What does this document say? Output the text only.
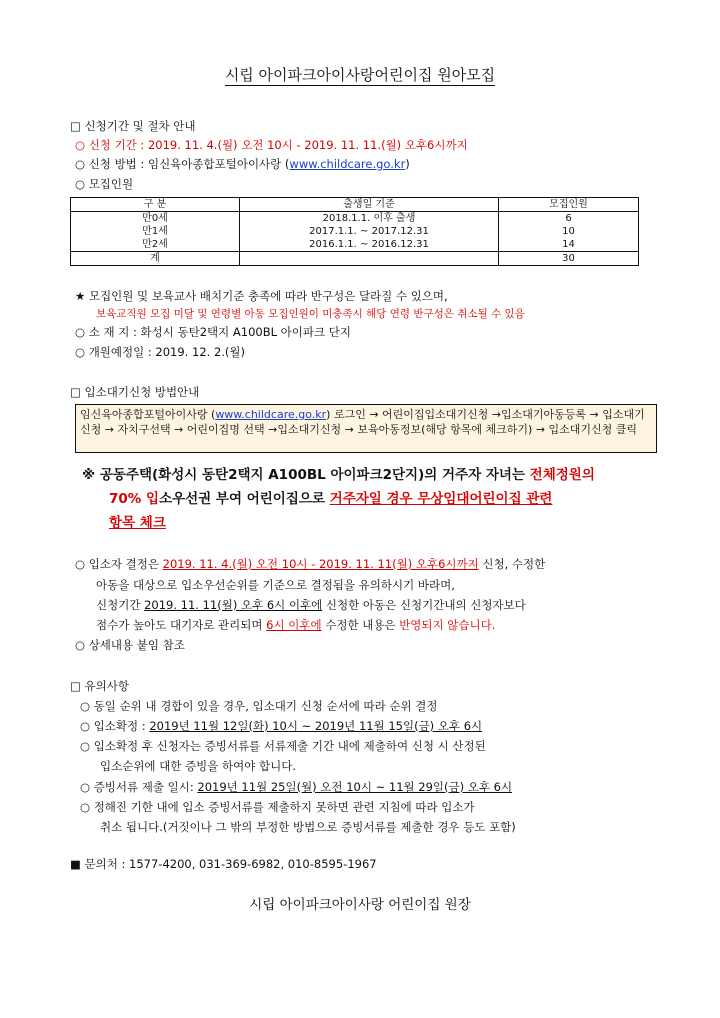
시립 아이파크아이사랑어린이집 원아모집
□ 신청기간 및 절차 안내
○ 신청 기간 : 2019. 11. 4.(월) 오전 10시 - 2019. 11. 11.(월) 오후6시까지
○ 신청 방법 : 임신육아종합포털아이사랑 (www.childcare.go.kr)
○ 모집인원
구 분	출생일 기준	모집인원
만0세	2018.1.1. 이후 출생	6
만1세	2017.1.1. ~ 2017.12.31	10
만2세	2016.1.1. ~ 2016.12.31	14
계		30
★ 모집인원 및 보육교사 배치기준 충족에 따라 반구성은 달라질 수 있으며,
보육교직원 모집 미달 및 연령별 아동 모집인원이 미충족시 해당 연령 반구성은 취소될 수 있음
○ 소 재 지 : 화성시 동탄2택지 A100BL 아이파크 단지
○ 개원예정일 : 2019. 12. 2.(월)
□ 입소대기신청 방법안내
임신육아종합포털아이사랑 (www.childcare.go.kr) 로그인 → 어린이집입소대기신청 →입소대기아동등록 → 입소대기 신청 → 자치구선택 → 어린이집명 선택 →입소대기신청 → 보육아동정보(해당 항목에 체크하기) → 입소대기신청 클릭
※ 공동주택(화성시 동탄2택지 A100BL 아이파크2단지)의 거주자 자녀는 전체정원의
70% 입소우선권 부여 어린이집으로 거주자일 경우 무상임대어린이집 관련
항목 체크
○ 입소자 결정은 2019. 11. 4.(월) 오전 10시 - 2019. 11. 11(월) 오후6시까지 신청, 수정한
아동을 대상으로 입소우선순위를 기준으로 결정됨을 유의하시기 바라며,
신청기간 2019. 11. 11(월) 오후 6시 이후에 신청한 아동은 신청기간내의 신청자보다
점수가 높아도 대기자로 관리되며 6시 이후에 수정한 내용은 반영되지 않습니다.
○ 상세내용 붙임 참조
□ 유의사항
○ 동일 순위 내 경합이 있을 경우, 입소대기 신청 순서에 따라 순위 결정
○ 입소확정 : 2019년 11월 12일(화) 10시 ~ 2019년 11월 15일(금) 오후 6시
○ 입소확정 후 신청자는 증빙서류를 서류제출 기간 내에 제출하여 신청 시 산정된
입소순위에 대한 증빙을 하여야 합니다.
○ 증빙서류 제출 일시: 2019년 11월 25일(월) 오전 10시 ~ 11월 29일(금) 오후 6시
○ 정해진 기한 내에 입소 증빙서류를 제출하지 못하면 관련 지침에 따라 입소가
취소 됩니다.(거짓이나 그 밖의 부정한 방법으로 증빙서류를 제출한 경우 등도 포함)
■ 문의처 : 1577-4200, 031-369-6982, 010-8595-1967
시립 아이파크아이사랑 어린이집 원장
